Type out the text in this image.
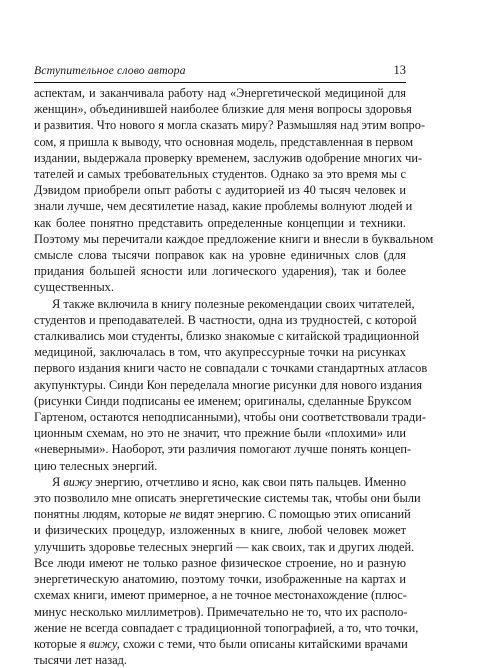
Вступительное слово автора	13

аспектам, и заканчивала работу над «Энергетической медициной для
женщин», объединившей наиболее близкие для меня вопросы здоровья
и развития. Что нового я могла сказать миру? Размышляя над этим вопро-
сом, я пришла к выводу, что основная модель, представленная в первом
издании, выдержала проверку временем, заслужив одобрение многих чи-
тателей и самых требовательных студентов. Однако за это время мы с
Дэвидом приобрели опыт работы с аудиторией из 40 тысяч человек и
знали лучше, чем десятилетие назад, какие проблемы волнуют людей и
как более понятно представить определенные концепции и техники.
Поэтому мы перечитали каждое предложение книги и внесли в буквальном
смысле слова тысячи поправок как на уровне единичных слов (для
придания большей ясности или логического ударения), так и более
существенных.

Я также включила в книгу полезные рекомендации своих читателей,
студентов и преподавателей. В частности, одна из трудностей, с которой
сталкивались мои студенты, близко знакомые с китайской традиционной
медициной, заключалась в том, что акупрессурные точки на рисунках
первого издания книги часто не совпадали с точками стандартных атласов
акупунктуры. Синди Кон переделала многие рисунки для нового издания
(рисунки Синди подписаны ее именем; оригиналы, сделанные Бруксом
Гартеном, остаются неподписанными), чтобы они соответствовали тради-
ционным схемам, но это не значит, что прежние были «плохими» или
«неверными». Наоборот, эти различия помогают лучше понять концеп-
цию телесных энергий.

Я вижу энергию, отчетливо и ясно, как свои пять пальцев. Именно
это позволило мне описать энергетические системы так, чтобы они были
понятны людям, которые не видят энергию. С помощью этих описаний
и физических процедур, изложенных в книге, любой человек может
улучшить здоровье телесных энергий — как своих, так и других людей.
Все люди имеют не только разное физическое строение, но и разную
энергетическую анатомию, поэтому точки, изображенные на картах и
схемах книги, имеют примерное, а не точное местонахождение (плюс-
минус несколько миллиметров). Примечательно не то, что их располо-
жение не всегда совпадает с традиционной топографией, а то, что точки,
которые я вижу, схожи с теми, что были описаны китайскими врачами
тысячи лет назад.
